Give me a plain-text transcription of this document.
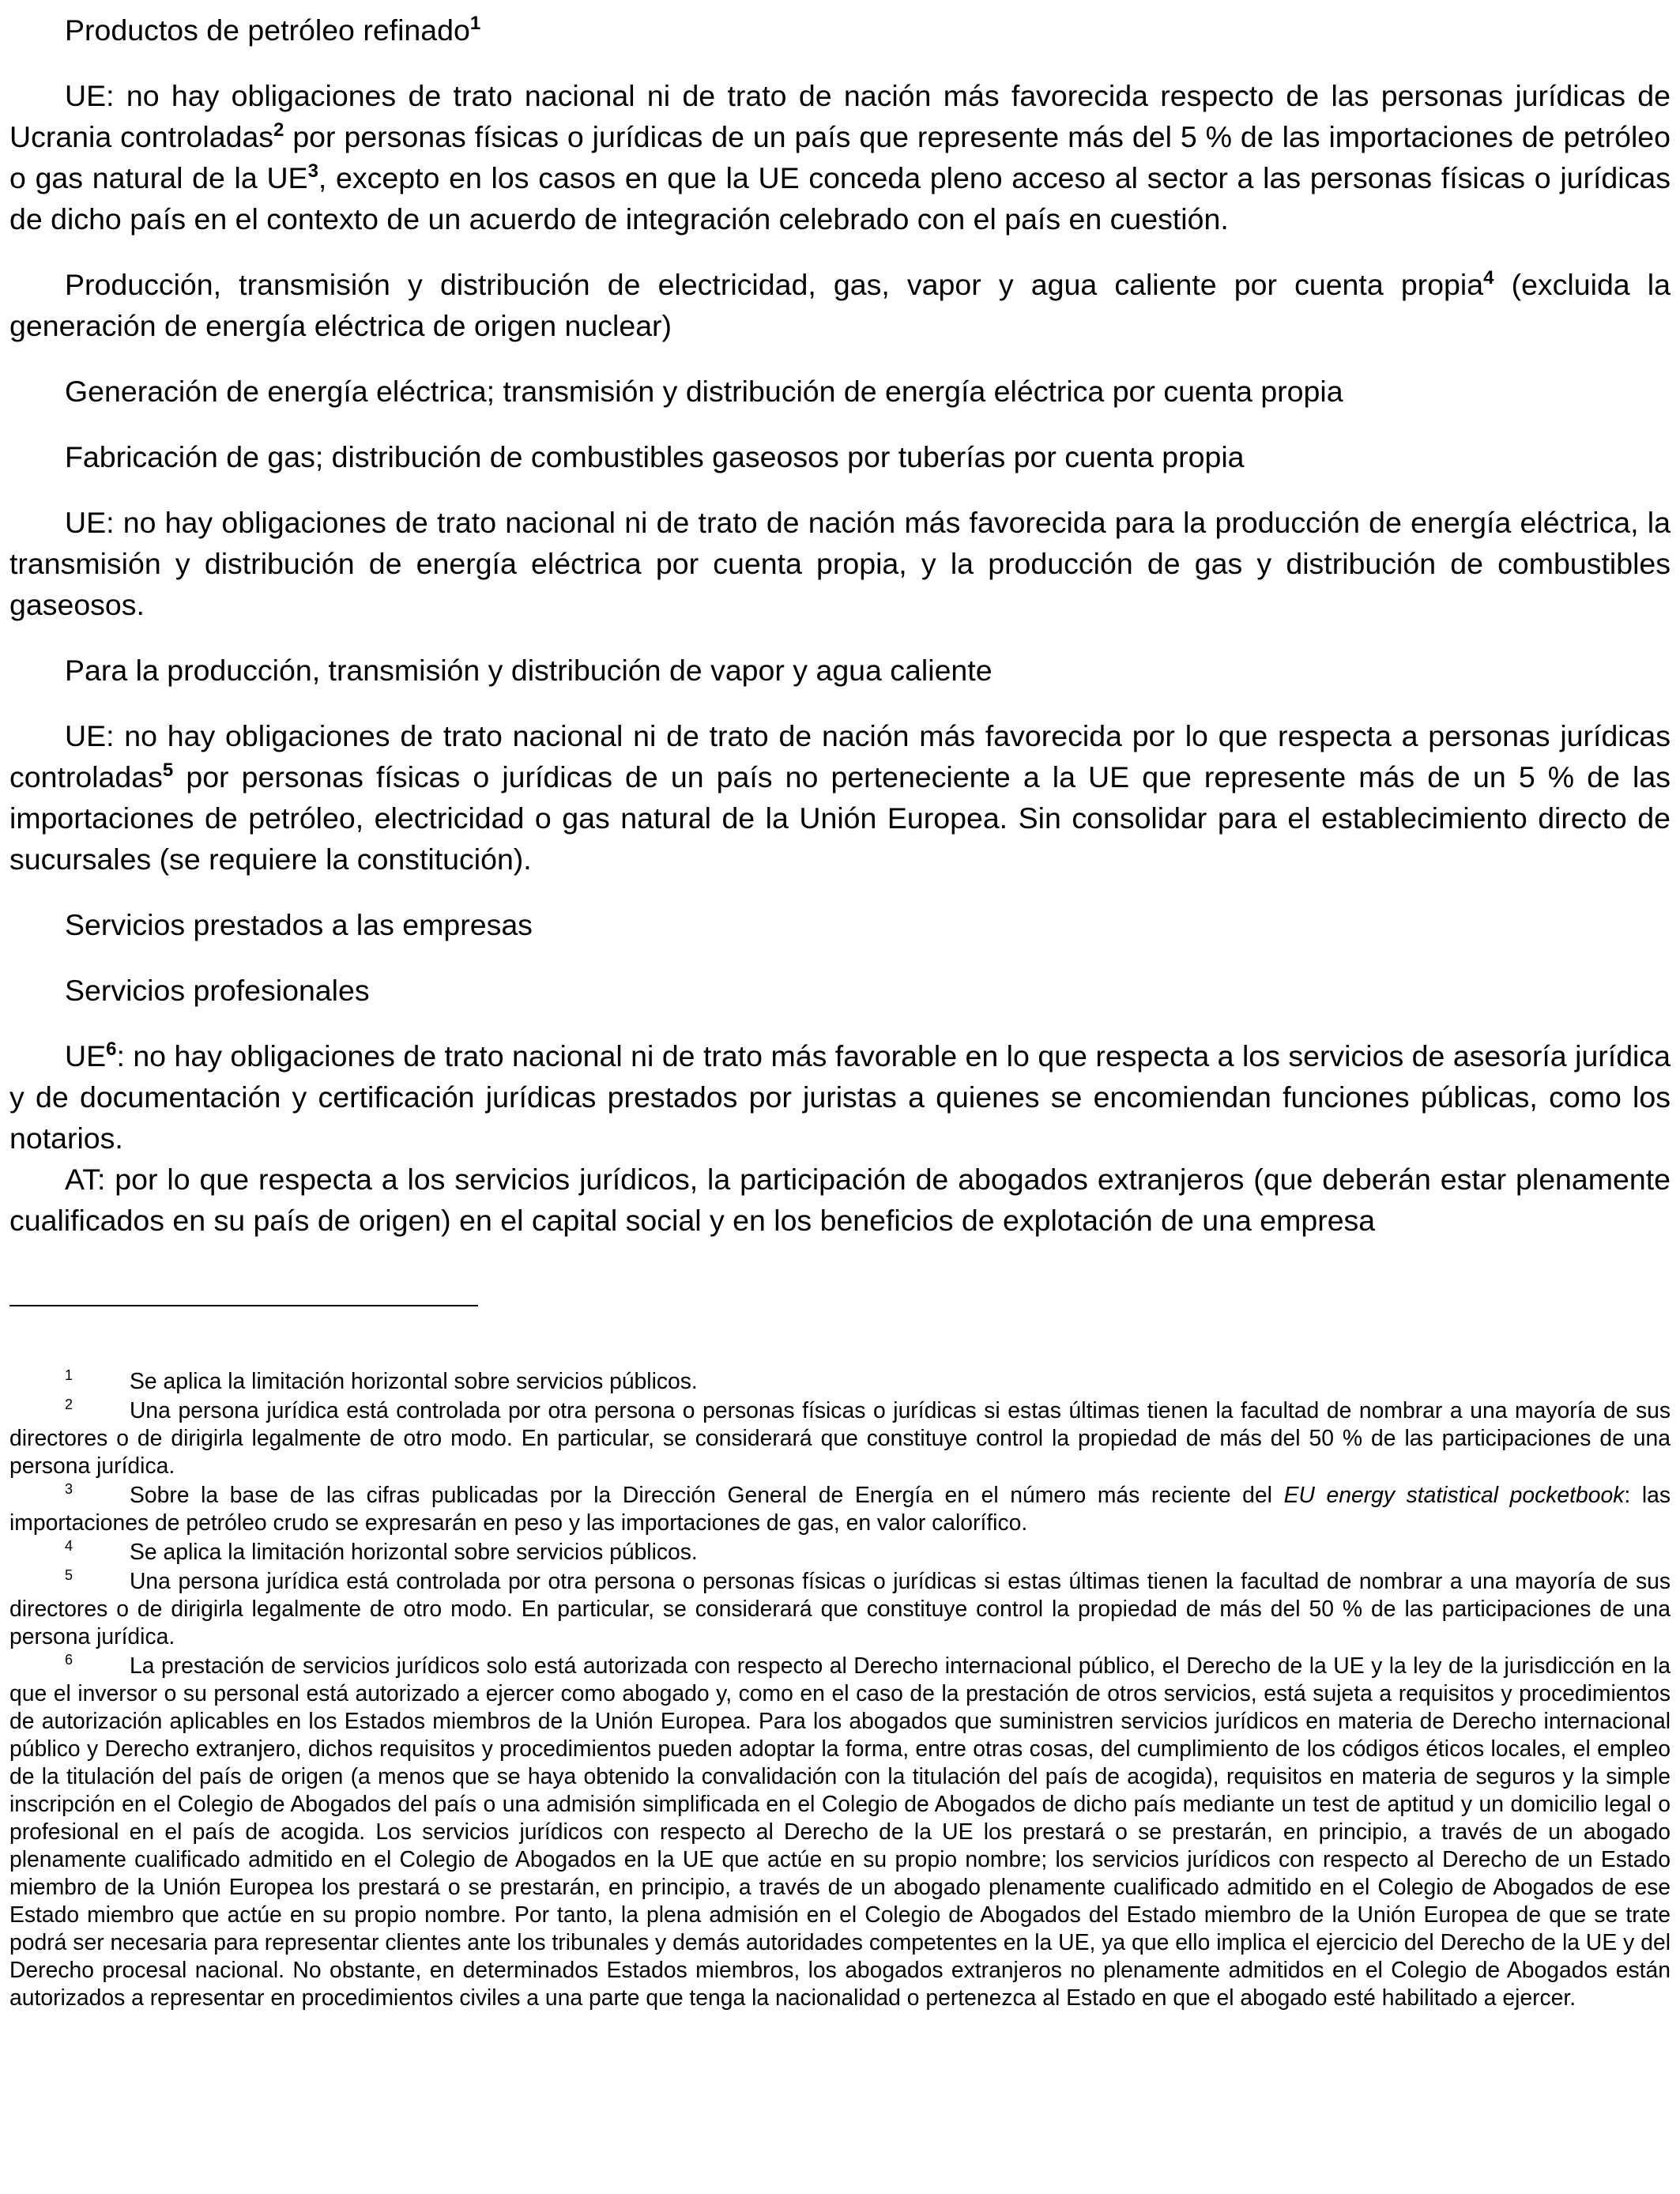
Productos de petróleo refinado$^1$

UE: no hay obligaciones de trato nacional ni de trato de nación más favorecida respecto de las personas jurídicas de Ucrania controladas$^2$ por personas físicas o jurídicas de un país que represente más del 5 % de las importaciones de petróleo o gas natural de la $UE^3$, excepto en los casos en que la UE conceda pleno acceso al sector a las personas físicas o jurídicas de dicho país en el contexto de un acuerdo de integración celebrado con el país en cuestión.

Producción, transmisión y distribución de electricidad, gas, vapor y agua caliente por cuenta propia$^4$ (excluida la generación de energía eléctrica de origen nuclear)

Generación de energía eléctrica; transmisión y distribución de energía eléctrica por cuenta propia

Fabricación de gas; distribución de combustibles gaseosos por tuberías por cuenta propia

UE: no hay obligaciones de trato nacional ni de trato de nación más favorecida para la producción de energía eléctrica, la transmisión y distribución de energía eléctrica por cuenta propia, y la producción de gas y distribución de combustibles gaseosos.

Para la producción, transmisión y distribución de vapor y agua caliente

UE: no hay obligaciones de trato nacional ni de trato de nación más favorecida por lo que respecta a personas jurídicas controladas$^5$ por personas físicas o jurídicas de un país no perteneciente a la UE que represente más de un 5 % de las importaciones de petróleo, electricidad o gas natural de la Unión Europea. Sin consolidar para el establecimiento directo de sucursales (se requiere la constitución).

Servicios prestados a las empresas

Servicios profesionales

$UE^6$: no hay obligaciones de trato nacional ni de trato más favorable en lo que respecta a los servicios de asesoría jurídica y de documentación y certificación jurídicas prestados por juristas a quienes se encomiendan funciones públicas, como los notarios.

AT: por lo que respecta a los servicios jurídicos, la participación de abogados extranjeros (que deberán estar plenamente cualificados en su país de origen) en el capital social y en los beneficios de explotación de una empresa

1	Se aplica la limitación horizontal sobre servicios públicos.

2	Una persona jurídica está controlada por otra persona o personas físicas o jurídicas si estas últimas tienen la facultad de nombrar a una mayoría de sus directores o de dirigirla legalmente de otro modo. En particular, se considerará que constituye control la propiedad de más del 50 % de las participaciones de una persona jurídica.

3	Sobre la base de las cifras publicadas por la Dirección General de Energía en el número más reciente del EU energy statistical pocketbook: las importaciones de petróleo crudo se expresarán en peso y las importaciones de gas, en valor calorífico.

4	Se aplica la limitación horizontal sobre servicios públicos.

5	Una persona jurídica está controlada por otra persona o personas físicas o jurídicas si estas últimas tienen la facultad de nombrar a una mayoría de sus directores o de dirigirla legalmente de otro modo. En particular, se considerará que constituye control la propiedad de más del 50 % de las participaciones de una persona jurídica.

6	La prestación de servicios jurídicos solo está autorizada con respecto al Derecho internacional público, el Derecho de la UE y la ley de la jurisdicción en la que el inversor o su personal está autorizado a ejercer como abogado y, como en el caso de la prestación de otros servicios, está sujeta a requisitos y procedimientos de autorización aplicables en los Estados miembros de la Unión Europea. Para los abogados que suministren servicios jurídicos en materia de Derecho internacional público y Derecho extranjero, dichos requisitos y procedimientos pueden adoptar la forma, entre otras cosas, del cumplimiento de los códigos éticos locales, el empleo de la titulación del país de origen (a menos que se haya obtenido la convalidación con la titulación del país de acogida), requisitos en materia de seguros y la simple inscripción en el Colegio de Abogados del país o una admisión simplificada en el Colegio de Abogados de dicho país mediante un test de aptitud y un domicilio legal o profesional en el país de acogida. Los servicios jurídicos con respecto al Derecho de la UE los prestará o se prestarán, en principio, a través de un abogado plenamente cualificado admitido en el Colegio de Abogados en la UE que actúe en su propio nombre; los servicios jurídicos con respecto al Derecho de un Estado miembro de la Unión Europea los prestará o se prestarán, en principio, a través de un abogado plenamente cualificado admitido en el Colegio de Abogados de ese Estado miembro que actúe en su propio nombre. Por tanto, la plena admisión en el Colegio de Abogados del Estado miembro de la Unión Europea de que se trate podrá ser necesaria para representar clientes ante los tribunales y demás autoridades competentes en la UE, ya que ello implica el ejercicio del Derecho de la UE y del Derecho procesal nacional. No obstante, en determinados Estados miembros, los abogados extranjeros no plenamente admitidos en el Colegio de Abogados están autorizados a representar en procedimientos civiles a una parte que tenga la nacionalidad o pertenezca al Estado en que el abogado esté habilitado a ejercer.
